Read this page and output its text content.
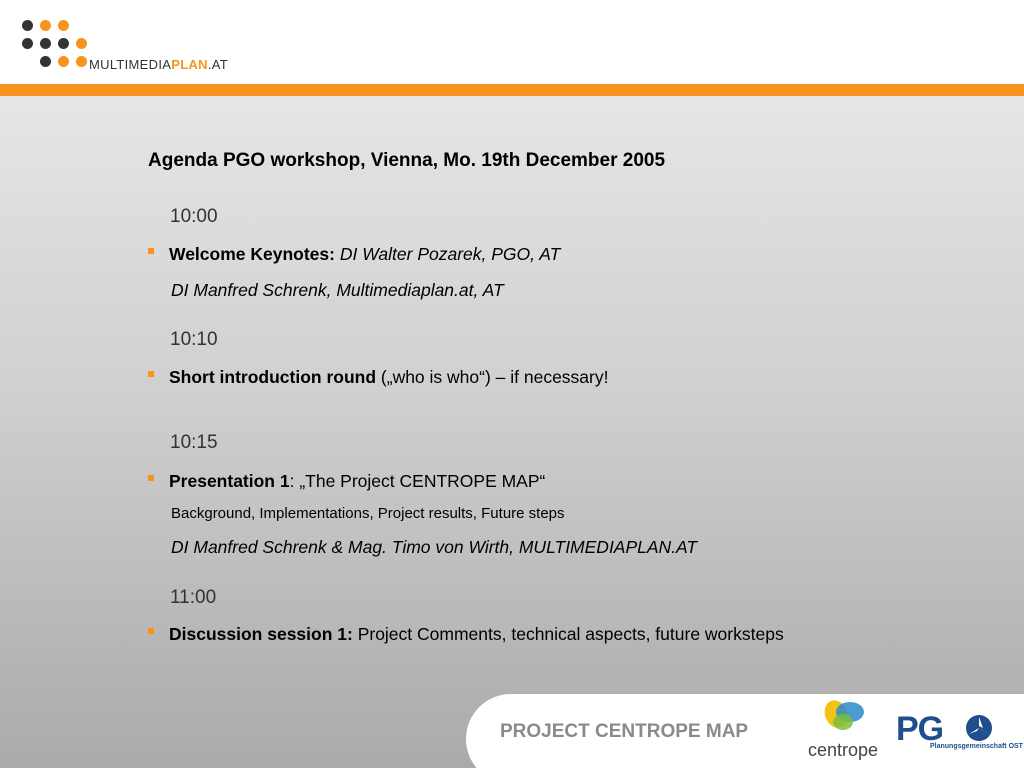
MULTIMEDIAPLAN.AT
Agenda PGO workshop, Vienna, Mo. 19th December 2005
10:00
Welcome Keynotes: DI Walter Pozarek, PGO, AT
DI Manfred Schrenk, Multimediaplan.at, AT
10:10
Short introduction round („who is who“) – if necessary!
10:15
Presentation 1: „The Project CENTROPE MAP“
Background, Implementations, Project results, Future steps
DI Manfred Schrenk & Mag. Timo von Wirth, MULTIMEDIAPLAN.AT
11:00
Discussion session 1: Project Comments, technical aspects, future worksteps
PROJECT CENTROPE MAP
centrope
PG
Planungsgemeinschaft OST
